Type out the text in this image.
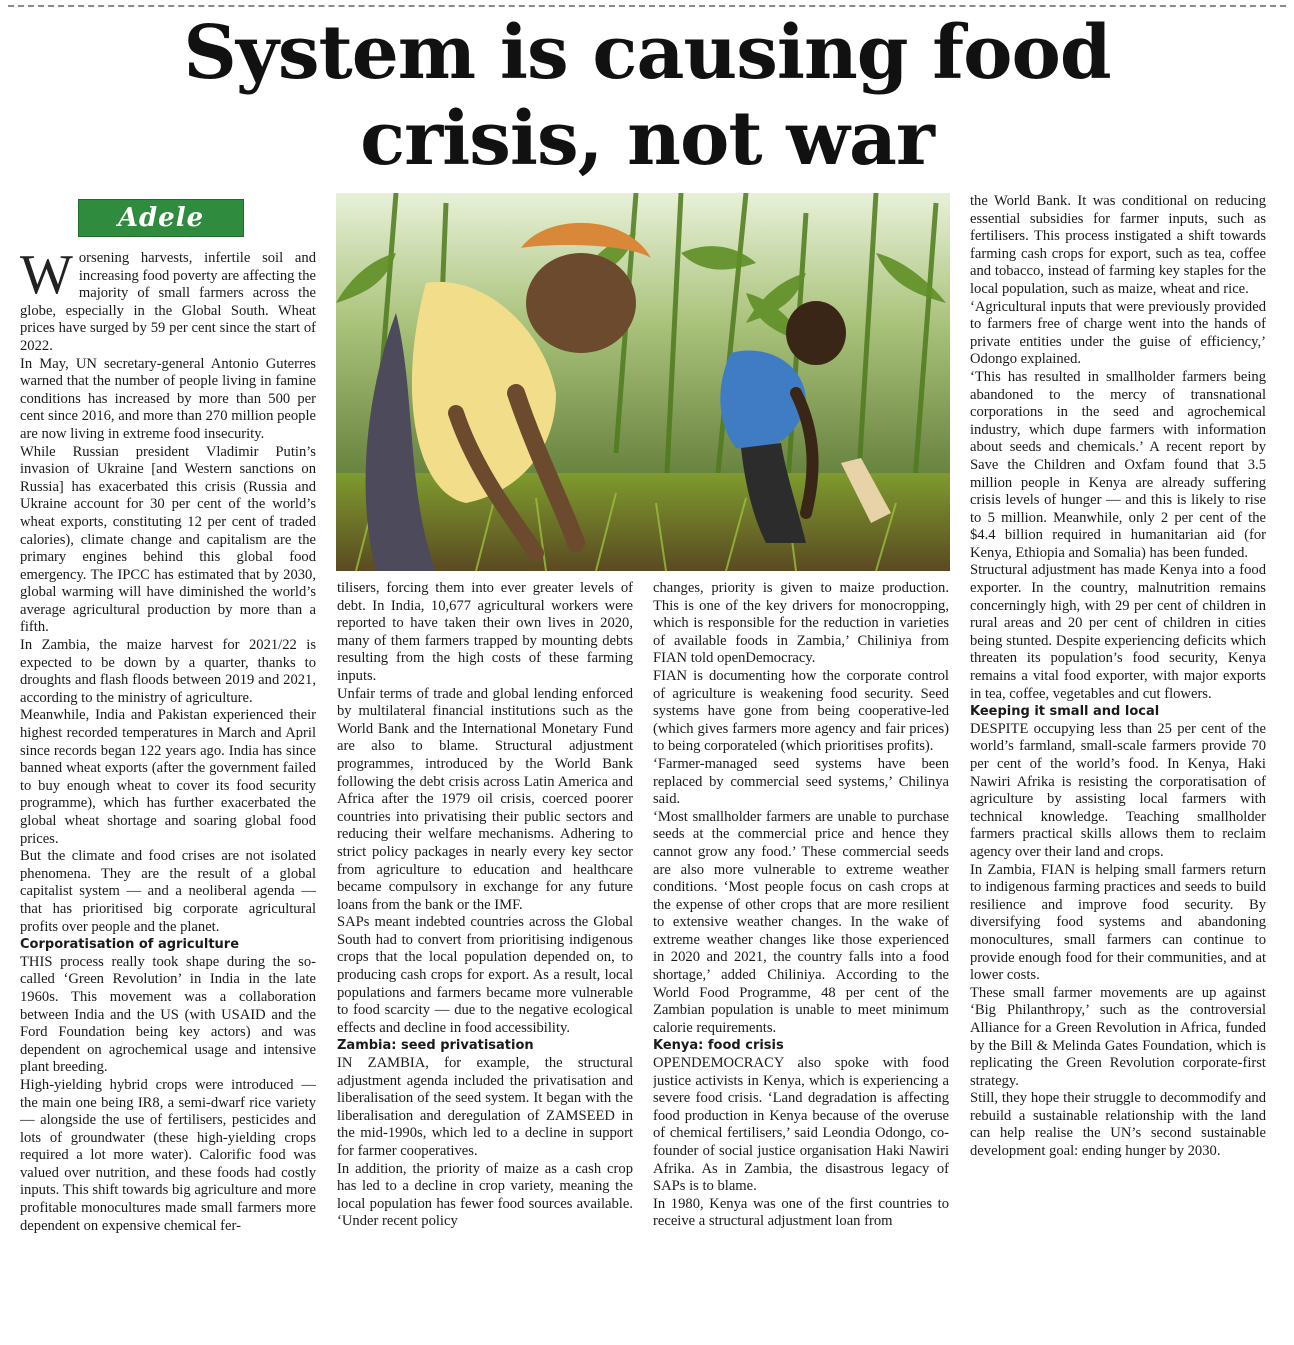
System is causing food
crisis, not war
Adele

Worsening harvests, infertile soil and increasing food poverty are affecting the majority of small farmers across the globe, especially in the Global South. Wheat prices have surged by 59 per cent since the start of 2022.

In May, UN secretary-general Antonio Guterres warned that the number of people living in famine conditions has increased by more than 500 per cent since 2016, and more than 270 million people are now living in extreme food insecurity.

While Russian president Vladimir Putin’s invasion of Ukraine [and Western sanctions on Russia] has exacerbated this crisis (Russia and Ukraine account for 30 per cent of the world’s wheat exports, constituting 12 per cent of traded calories), climate change and capitalism are the primary engines behind this global food emergency. The IPCC has estimated that by 2030, global warming will have diminished the world’s average agricultural production by more than a fifth.

In Zambia, the maize harvest for 2021/22 is expected to be down by a quarter, thanks to droughts and flash floods between 2019 and 2021, according to the ministry of agriculture.

Meanwhile, India and Pakistan experienced their highest recorded temperatures in March and April since records began 122 years ago. India has since banned wheat exports (after the government failed to buy enough wheat to cover its food security programme), which has further exacerbated the global wheat shortage and soaring global food prices.

But the climate and food crises are not isolated phenomena. They are the result of a global capitalist system — and a neoliberal agenda — that has prioritised big corporate agricultural profits over people and the planet.

Corporatisation of agriculture

THIS process really took shape during the so-called ‘Green Revolution’ in India in the late 1960s. This movement was a collaboration between India and the US (with USAID and the Ford Foundation being key actors) and was dependent on agrochemical usage and intensive plant breeding.

High-yielding hybrid crops were introduced — the main one being IR8, a semi-dwarf rice variety — alongside the use of fertilisers, pesticides and lots of groundwater (these high-yielding crops required a lot more water). Calorific food was valued over nutrition, and these foods had costly inputs. This shift towards big agriculture and more profitable monocultures made small farmers more dependent on expensive chemical fer-

tilisers, forcing them into ever greater levels of debt. In India, 10,677 agricultural workers were reported to have taken their own lives in 2020, many of them farmers trapped by mounting debts resulting from the high costs of these farming inputs.

Unfair terms of trade and global lending enforced by multilateral financial institutions such as the World Bank and the International Monetary Fund are also to blame. Structural adjustment programmes, introduced by the World Bank following the debt crisis across Latin America and Africa after the 1979 oil crisis, coerced poorer countries into privatising their public sectors and reducing their welfare mechanisms. Adhering to strict policy packages in nearly every key sector from agriculture to education and healthcare became compulsory in exchange for any future loans from the bank or the IMF.

SAPs meant indebted countries across the Global South had to convert from prioritising indigenous crops that the local population depended on, to producing cash crops for export. As a result, local populations and farmers became more vulnerable to food scarcity — due to the negative ecological effects and decline in food accessibility.

Zambia: seed privatisation

IN ZAMBIA, for example, the structural adjustment agenda included the privatisation and liberalisation of the seed system. It began with the liberalisation and deregulation of ZAMSEED in the mid-1990s, which led to a decline in support for farmer cooperatives.

In addition, the priority of maize as a cash crop has led to a decline in crop variety, meaning the local population has fewer food sources available. ‘Under recent policy

changes, priority is given to maize production. This is one of the key drivers for monocropping, which is responsible for the reduction in varieties of available foods in Zambia,’ Chiliniya from FIAN told openDemocracy.

FIAN is documenting how the corporate control of agriculture is weakening food security. Seed systems have gone from being cooperative-led (which gives farmers more agency and fair prices) to being corporateled (which prioritises profits).

‘Farmer-managed seed systems have been replaced by commercial seed systems,’ Chilinya said.

‘Most smallholder farmers are unable to purchase seeds at the commercial price and hence they cannot grow any food.’ These commercial seeds are also more vulnerable to extreme weather conditions. ‘Most people focus on cash crops at the expense of other crops that are more resilient to extensive weather changes. In the wake of extreme weather changes like those experienced in 2020 and 2021, the country falls into a food shortage,’ added Chiliniya. According to the World Food Programme, 48 per cent of the Zambian population is unable to meet minimum calorie requirements.

Kenya: food crisis

OPENDEMOCRACY also spoke with food justice activists in Kenya, which is experiencing a severe food crisis. ‘Land degradation is affecting food production in Kenya because of the overuse of chemical fertilisers,’ said Leondia Odongo, co-founder of social justice organisation Haki Nawiri Afrika. As in Zambia, the disastrous legacy of SAPs is to blame.

In 1980, Kenya was one of the first countries to receive a structural adjustment loan from

the World Bank. It was conditional on reducing essential subsidies for farmer inputs, such as fertilisers. This process instigated a shift towards farming cash crops for export, such as tea, coffee and tobacco, instead of farming key staples for the local population, such as maize, wheat and rice.

‘Agricultural inputs that were previously provided to farmers free of charge went into the hands of private entities under the guise of efficiency,’ Odongo explained.

‘This has resulted in smallholder farmers being abandoned to the mercy of transnational corporations in the seed and agrochemical industry, which dupe farmers with information about seeds and chemicals.’ A recent report by Save the Children and Oxfam found that 3.5 million people in Kenya are already suffering crisis levels of hunger — and this is likely to rise to 5 million. Meanwhile, only 2 per cent of the $4.4 billion required in humanitarian aid (for Kenya, Ethiopia and Somalia) has been funded.

Structural adjustment has made Kenya into a food exporter. In the country, malnutrition remains concerningly high, with 29 per cent of children in rural areas and 20 per cent of children in cities being stunted. Despite experiencing deficits which threaten its population’s food security, Kenya remains a vital food exporter, with major exports in tea, coffee, vegetables and cut flowers.

Keeping it small and local

DESPITE occupying less than 25 per cent of the world’s farmland, small-scale farmers provide 70 per cent of the world’s food. In Kenya, Haki Nawiri Afrika is resisting the corporatisation of agriculture by assisting local farmers with technical knowledge. Teaching smallholder farmers practical skills allows them to reclaim agency over their land and crops.

In Zambia, FIAN is helping small farmers return to indigenous farming practices and seeds to build resilience and improve food security. By diversifying food systems and abandoning monocultures, small farmers can continue to provide enough food for their communities, and at lower costs.

These small farmer movements are up against ‘Big Philanthropy,’ such as the controversial Alliance for a Green Revolution in Africa, funded by the Bill & Melinda Gates Foundation, which is replicating the Green Revolution corporate-first strategy.

Still, they hope their struggle to decommodify and rebuild a sustainable relationship with the land can help realise the UN’s second sustainable development goal: ending hunger by 2030.
